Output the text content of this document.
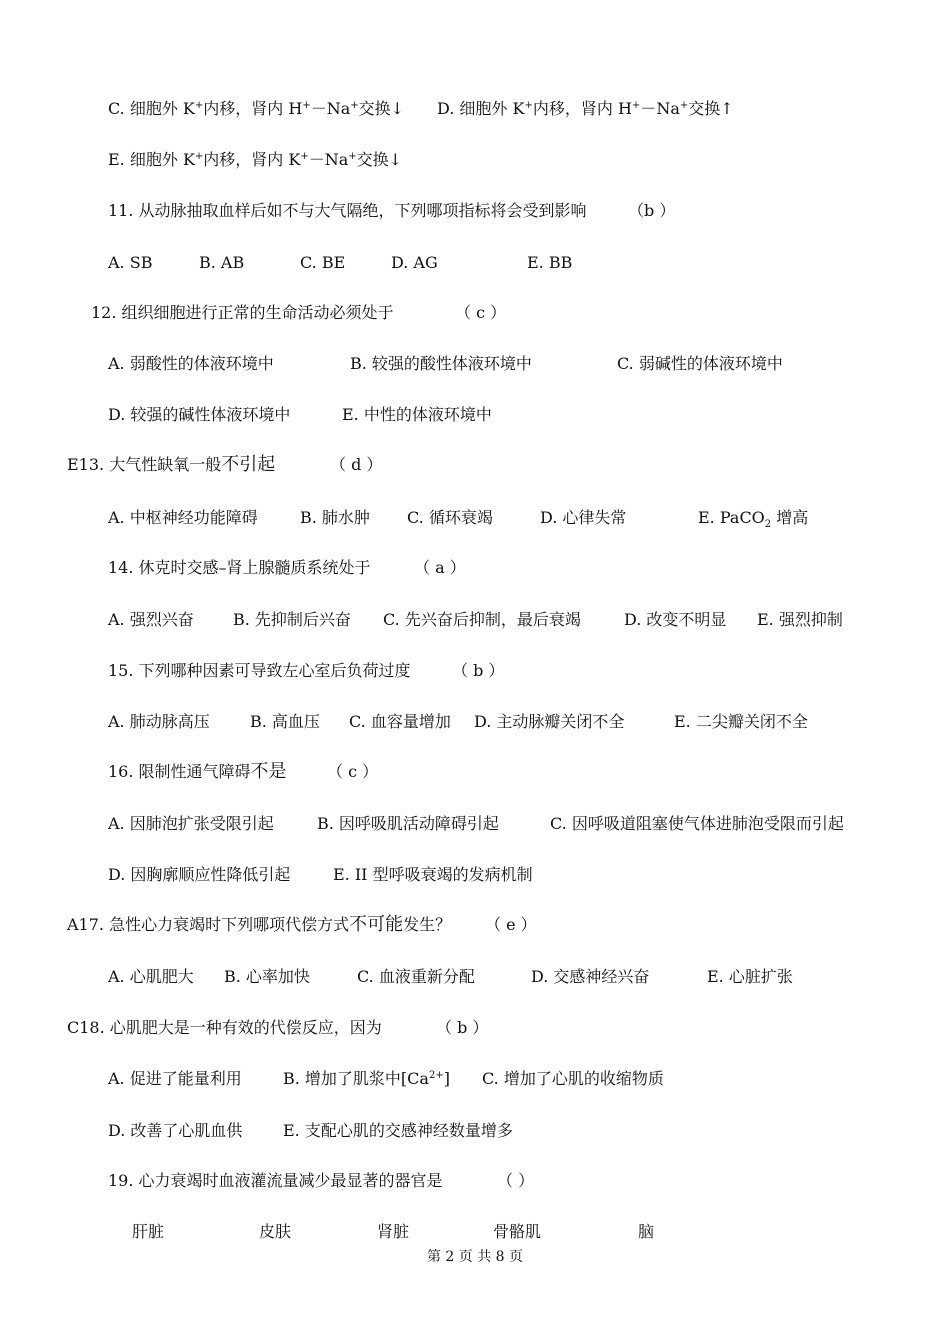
C. 细胞外 K+内移，肾内 H+－Na+交换↓ D. 细胞外 K+内移，肾内 H+－Na+交换↑
E. 细胞外 K+内移，肾内 K+－Na+交换↓
11. 从动脉抽取血样后如不与大气隔绝，下列哪项指标将会受到影响	（b ）
A. SB	B. AB	C. BE	D. AG	E. BB
12. 组织细胞进行正常的生命活动必须处于	（ c ）
A. 弱酸性的体液环境中	B. 较强的酸性体液环境中	C. 弱碱性的体液环境中
D. 较强的碱性体液环境中	E. 中性的体液环境中
E13. 大气性缺氧一般不引起	（ d ）
A. 中枢神经功能障碍	B. 肺水肿 C. 循环衰竭	D. 心律失常	E. PaCO$_2$ 增高
14. 休克时交感–肾上腺髓质系统处于	（ a ）
A. 强烈兴奋 B. 先抑制后兴奋 C. 先兴奋后抑制，最后衰竭	D. 改变不明显 E. 强烈抑制
15. 下列哪种因素可导致左心室后负荷过度	（ b ）
A. 肺动脉高压	B. 高血压 C. 血容量增加 D. 主动脉瓣关闭不全	E. 二尖瓣关闭不全
16. 限制性通气障碍不是	（ c ）
A. 因肺泡扩张受限引起	B. 因呼吸肌活动障碍引起	C. 因呼吸道阻塞使气体进肺泡受限而引起
D. 因胸廓顺应性降低引起	E. II 型呼吸衰竭的发病机制
A17. 急性心力衰竭时下列哪项代偿方式不可能发生？ （ e ）
A. 心肌肥大 B. 心率加快	C. 血液重新分配	D. 交感神经兴奋	E. 心脏扩张
C18. 心肌肥大是一种有效的代偿反应，因为	（ b ）
A. 促进了能量利用	B. 增加了肌浆中$[Ca^{2+}]$ C. 增加了心肌的收缩物质
D. 改善了心肌血供	E. 支配心肌的交感神经数量增多
19. 心力衰竭时血液灌流量减少最显著的器官是	（ ）
肝脏	皮肤	肾脏	骨骼肌	脑
第 2 页 共 8 页
